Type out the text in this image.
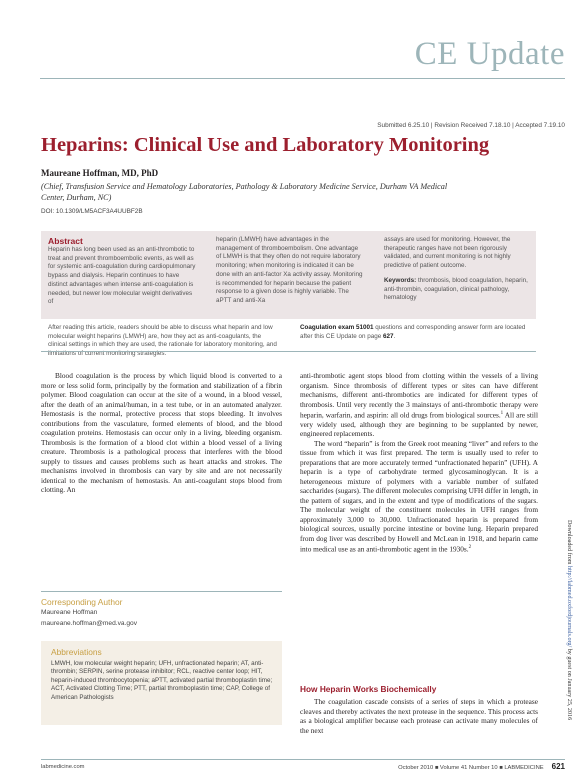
CE Update
Submitted 6.25.10 | Revision Received 7.18.10 | Accepted 7.19.10
Heparins: Clinical Use and Laboratory Monitoring
Maureane Hoffman, MD, PhD
(Chief, Transfusion Service and Hematology Laboratories, Pathology & Laboratory Medicine Service, Durham VA Medical Center, Durham, NC)
DOI: 10.1309/LM5ACF3A4UUBF2B
Abstract
Heparin has long been used as an anti-thrombotic to treat and prevent thromboembolic events, as well as for systemic anti-coagulation during cardiopulmonary bypass and dialysis. Heparin continues to have distinct advantages when intense anti-coagulation is needed, but newer low molecular weight derivatives of
heparin (LMWH) have advantages in the management of thromboembolism. One advantage of LMWH is that they often do not require laboratory monitoring; when monitoring is indicated it can be done with an anti-factor Xa activity assay. Monitoring is recommended for heparin because the patient response to a given dose is highly variable. The aPTT and anti-Xa
assays are used for monitoring. However, the therapeutic ranges have not been rigorously validated, and current monitoring is not highly predictive of patient outcome.
Keywords: thrombosis, blood coagulation, heparin, anti-thrombin, coagulation, clinical pathology, hematology
After reading this article, readers should be able to discuss what heparin and low molecular weight heparins (LMWH) are, how they act as anti-coagulants, the clinical settings in which they are used, the rationale for laboratory monitoring, and limitations of current monitoring strategies.
Coagulation exam 51001 questions and corresponding answer form are located after this CE Update on page 627.

Blood coagulation is the process by which liquid blood is converted to a more or less solid form, principally by the formation and stabilization of a fibrin polymer. Blood coagulation can occur at the site of a wound, in a blood vessel, after the death of an animal/human, in a test tube, or in an automated analyzer. Hemostasis is the normal, protective process that stops bleeding. It involves contributions from the vasculature, formed elements of blood, and the blood coagulation proteins. Hemostasis can occur only in a living, bleeding organism. Thrombosis is the formation of a blood clot within a blood vessel of a living creature. Thrombosis is a pathological process that interferes with the blood supply to tissues and causes problems such as heart attacks and strokes. The mechanisms involved in thrombosis can vary by site and are not necessarily identical to the mechanism of hemostasis. An anti-coagulant stops blood from clotting. An

anti-thrombotic agent stops blood from clotting within the vessels of a living organism. Since thrombosis of different types or sites can have different mechanisms, different anti-thrombotics are indicated for different types of thrombosis. Until very recently the 3 mainstays of anti-thrombotic therapy were heparin, warfarin, and aspirin: all old drugs from biological sources.$^1$ All are still very widely used, although they are beginning to be supplanted by newer, engineered replacements.

The word “heparin” is from the Greek root meaning “liver” and refers to the tissue from which it was first prepared. The term is usually used to refer to preparations that are more accurately termed “unfractionated heparin” (UFH). A heparin is a type of carbohydrate termed glycosaminoglycan. It is a heterogeneous mixture of polymers with a variable number of sulfated saccharides (sugars). The different molecules comprising UFH differ in length, in the pattern of sugars, and in the extent and type of modifications of the sugars. The molecular weight of the constituent molecules in UFH ranges from approximately 3,000 to 30,000. Unfractionated heparin is prepared from biological sources, usually porcine intestine or bovine lung. Heparin prepared from dog liver was described by Howell and McLean in 1918, and heparin came into medical use as an anti-thrombotic agent in the 1930s.$^2$

How Heparin Works Biochemically

The coagulation cascade consists of a series of steps in which a protease cleaves and thereby activates the next protease in the sequence. This process acts as a biological amplifier because each protease can activate many molecules of the next

Corresponding Author
Maureane Hoffman
maureane.hoffman@med.va.gov
Abbreviations
LMWH, low molecular weight heparin; UFH, unfractionated heparin; AT, anti-thrombin; SERPIN, serine protease inhibitor; RCL, reactive center loop; HIT, heparin-induced thrombocytopenia; aPTT, activated partial thromboplastin time; ACT, Activated Clotting Time; PTT, partial thromboplastin time; CAP, College of American Pathologists
Downloaded from http://labmed.oxfordjournals.org/ by guest on January 25, 2016
labmedicine.com	October 2010 ■ Volume 41 Number 10 ■ LABMEDICINE 621
